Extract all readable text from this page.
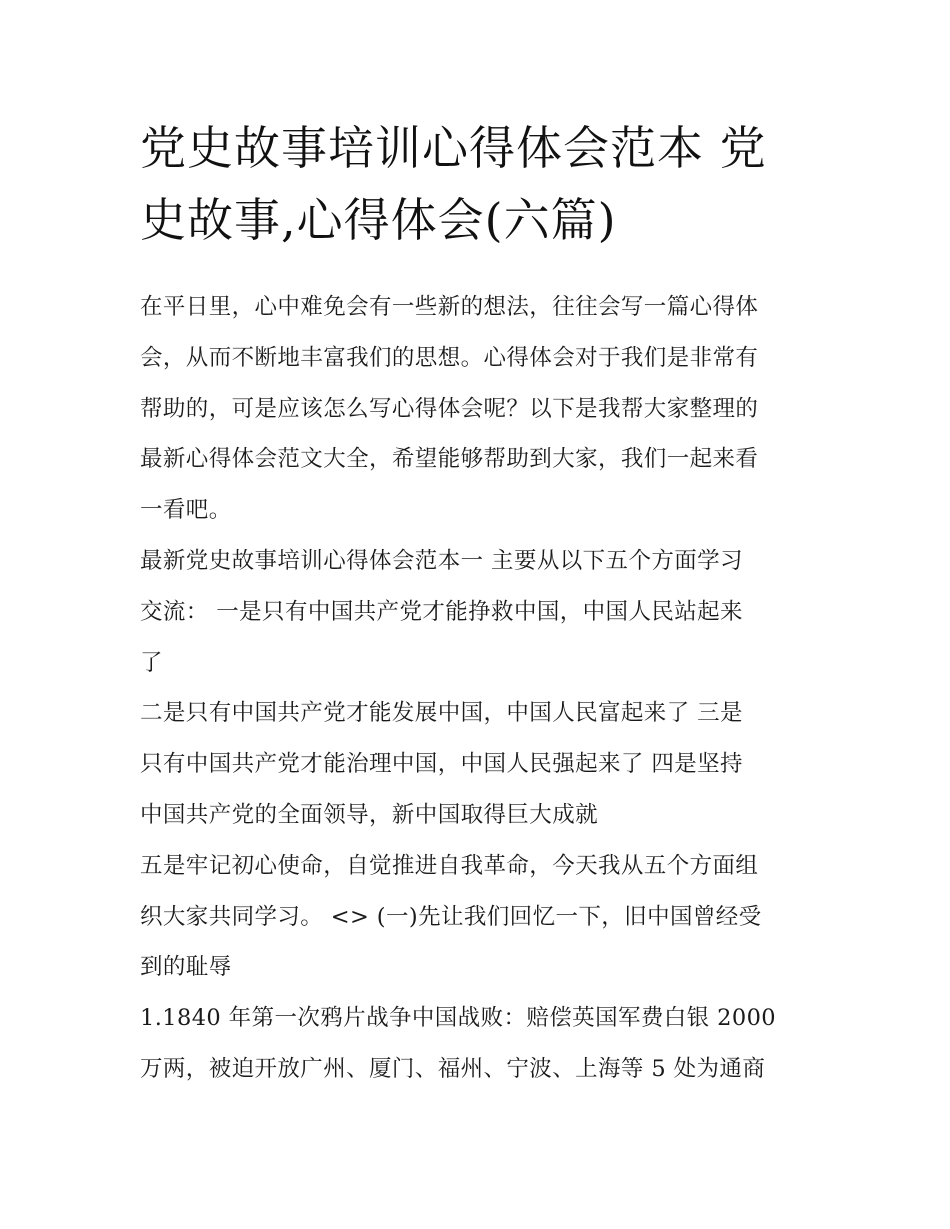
党史故事培训心得体会范本 党
史故事,心得体会(六篇)

在平日里，心中难免会有一些新的想法，往往会写一篇心得体
会，从而不断地丰富我们的思想。心得体会对于我们是非常有
帮助的，可是应该怎么写心得体会呢？以下是我帮大家整理的
最新心得体会范文大全，希望能够帮助到大家，我们一起来看
一看吧。

最新党史故事培训心得体会范本一 主要从以下五个方面学习
交流： 一是只有中国共产党才能挣救中国，中国人民站起来
了

二是只有中国共产党才能发展中国，中国人民富起来了 三是
只有中国共产党才能治理中国，中国人民强起来了 四是坚持
中国共产党的全面领导，新中国取得巨大成就

五是牢记初心使命，自觉推进自我革命，今天我从五个方面组
织大家共同学习。 <> (一)先让我们回忆一下，旧中国曾经受
到的耻辱

1.1840 年第一次鸦片战争中国战败：赔偿英国军费白银 2000
万两，被迫开放广州、厦门、福州、宁波、上海等 5 处为通商
